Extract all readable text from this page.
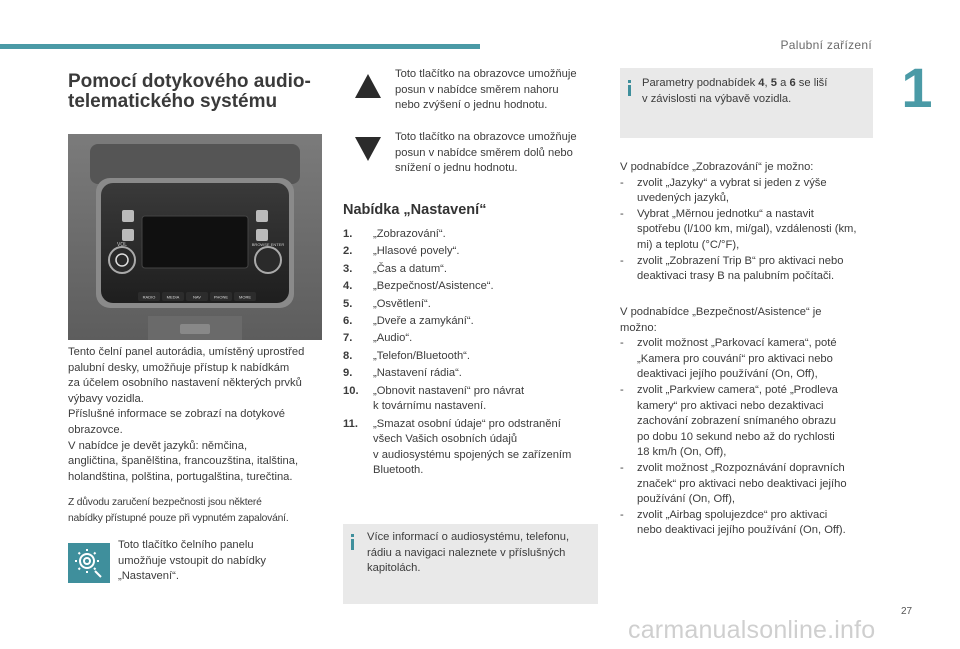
Palubní zařízení
1
Pomocí dotykového audio-
telematického systému
VOL	BROWSE ENTER
RADIO	MEDIA	NAV	PHONE	MORE

Tento čelní panel autorádia, umístěný uprostřed

palubní desky, umožňuje přístup k nabídkám

za účelem osobního nastavení některých prvků

výbavy vozidla.

Příslušné informace se zobrazí na dotykové

obrazovce.

V nabídce je devět jazyků: němčina,

angličtina, španělština, francouzština, italština,

holandština, polština, portugalština, turečtina.

Z důvodu zaručení bezpečnosti jsou některé

nabídky přístupné pouze při vypnutém zapalování.

Toto tlačítko čelního panelu

umožňuje vstoupit do nabídky

„Nastavení“.

Toto tlačítko na obrazovce umožňuje

posun v nabídce směrem nahoru

nebo zvýšení o jednu hodnotu.

Toto tlačítko na obrazovce umožňuje

posun v nabídce směrem dolů nebo

snížení o jednu hodnotu.

Nabídka „Nastavení“
1. „Zobrazování“.
2. „Hlasové povely“.
3. „Čas a datum“.
4. „Bezpečnost/Asistence“.
5. „Osvětlení“.
6. „Dveře a zamykání“.
7. „Audio“.
8. „Telefon/Bluetooth“.
9. „Nastavení rádia“.
10. „Obnovit nastavení“ pro návrat
k továrnímu nastavení.
11. „Smazat osobní údaje“ pro odstranění
všech Vašich osobních údajů
v audiosystému spojených se zařízením
Bluetooth.

Více informací o audiosystému, telefonu,

rádiu a navigaci naleznete v příslušných

kapitolách.

Parametry podnabídek 4, 5 a 6 se liší

v závislosti na výbavě vozidla.

V podnabídce „Zobrazování“ je možno:

- zvolit „Jazyky“ a vybrat si jeden z výše
uvedených jazyků,
- Vybrat „Měrnou jednotku“ a nastavit
spotřebu (l/100 km, mi/gal), vzdálenosti (km,
mi) a teplotu (°C/°F),
- zvolit „Zobrazení Trip B“ pro aktivaci nebo
deaktivaci trasy B na palubním počítači.

V podnabídce „Bezpečnost/Asistence“ je

možno:

- zvolit možnost „Parkovací kamera“, poté
„Kamera pro couvání“ pro aktivaci nebo
deaktivaci jejího používání (On, Off),
- zvolit „Parkview camera“, poté „Prodleva
kamery“ pro aktivaci nebo dezaktivaci
zachování zobrazení snímaného obrazu
po dobu 10 sekund nebo až do rychlosti
18 km/h (On, Off),
- zvolit možnost „Rozpoznávání dopravních
značek“ pro aktivaci nebo deaktivaci jejího
používání (On, Off),
- zvolit „Airbag spolujezdce“ pro aktivaci
nebo deaktivaci jejího používání (On, Off).
27
carmanualsonline.info
